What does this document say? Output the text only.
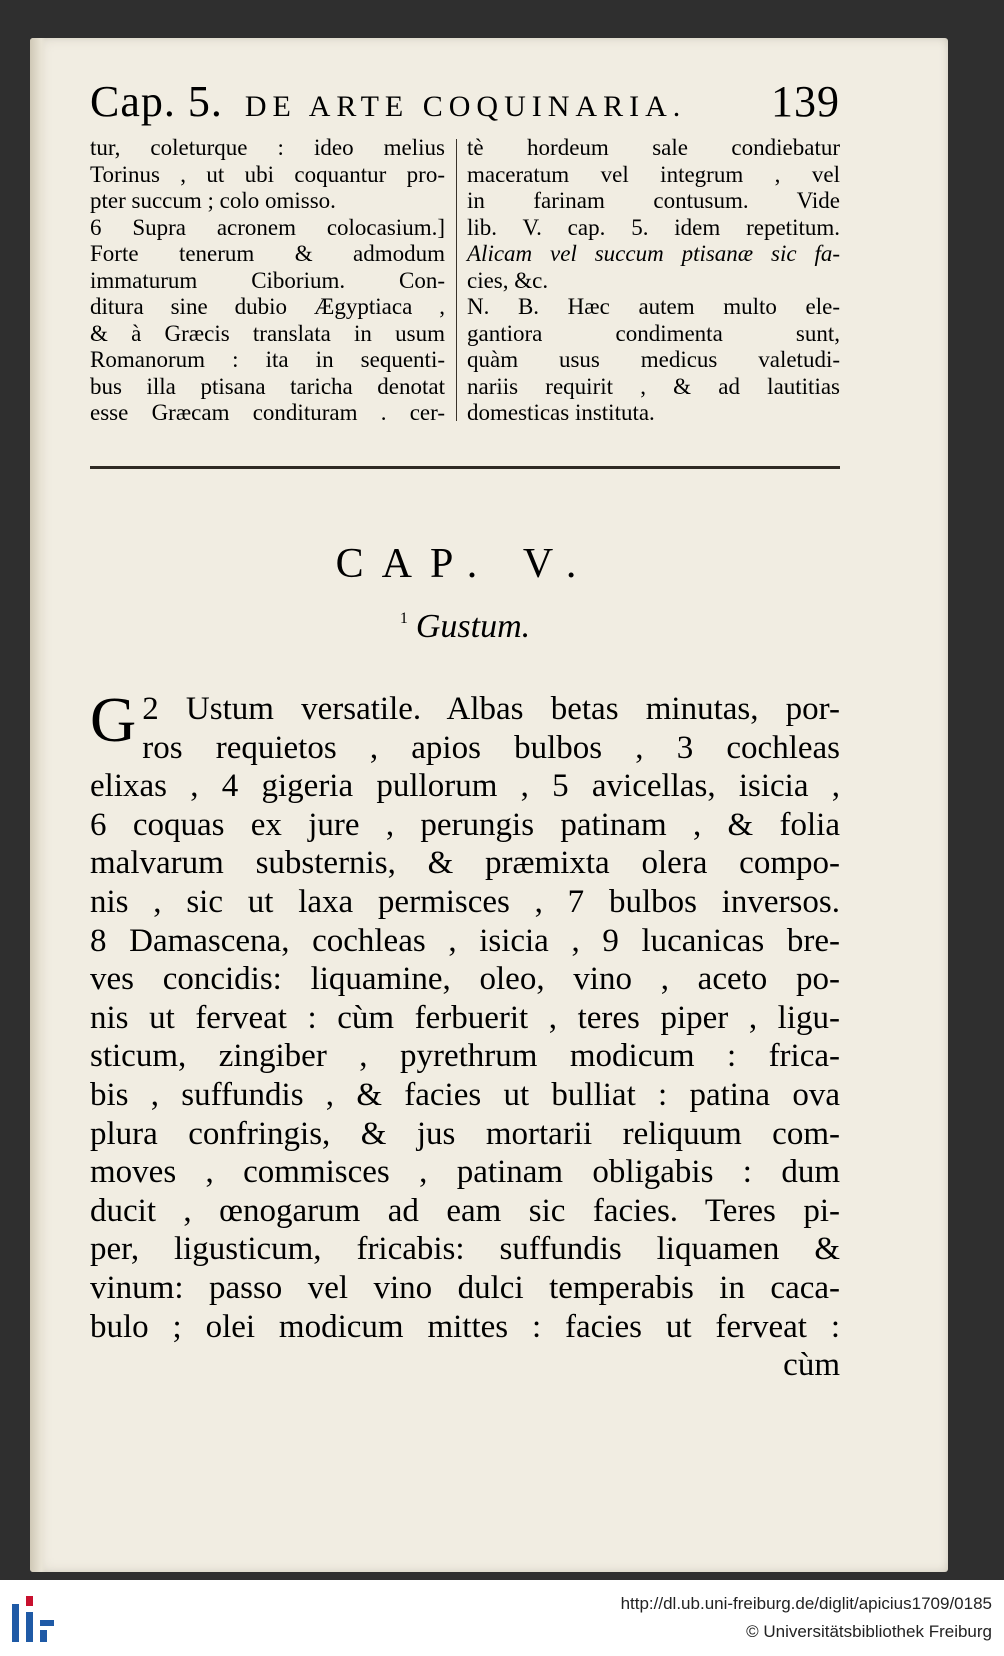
Cap. 5. DE ARTE COQUINARIA. 139
tur, coleturque : ideo melius
Torinus , ut ubi coquantur pro-
pter succum ; colo omisso.
6 Supra acronem colocasium.]
Forte tenerum & admodum
immaturum Ciborium. Con-
ditura sine dubio Ægyptiaca ,
& à Græcis translata in usum
Romanorum : ita in sequenti-
bus illa ptisana taricha denotat
esse Græcam condituram . cer-
tè hordeum sale condiebatur
maceratum vel integrum , vel
in farinam contusum. Vide
lib. V. cap. 5. idem repetitum.
Alicam vel succum ptisanæ sic fa-
cies, &c.
N. B. Hæc autem multo ele-
gantiora condimenta sunt,
quàm usus medicus valetudi-
nariis requirit , & ad lautitias
domesticas instituta.
CAP. V.
$^1$ Gustum.
G 2 Ustum versatile. Albas betas minutas, por-
ros requietos , apios bulbos , 3 cochleas
elixas , 4 gigeria pullorum , 5 avicellas, isicia ,
6 coquas ex jure , perungis patinam , & folia
malvarum substernis, & præmixta olera compo-
nis , sic ut laxa permisces , 7 bulbos inversos.
8 Damascena, cochleas , isicia , 9 lucanicas bre-
ves concidis: liquamine, oleo, vino , aceto po-
nis ut ferveat : cùm ferbuerit , teres piper , ligu-
sticum, zingiber , pyrethrum modicum : frica-
bis , suffundis , & facies ut bulliat : patina ova
plura confringis, & jus mortarii reliquum com-
moves , commisces , patinam obligabis : dum
ducit , œnogarum ad eam sic facies. Teres pi-
per, ligusticum, fricabis: suffundis liquamen &
vinum: passo vel vino dulci temperabis in caca-
bulo ; olei modicum mittes : facies ut ferveat :
cùm
http://dl.ub.uni-freiburg.de/diglit/apicius1709/0185
© Universitätsbibliothek Freiburg
